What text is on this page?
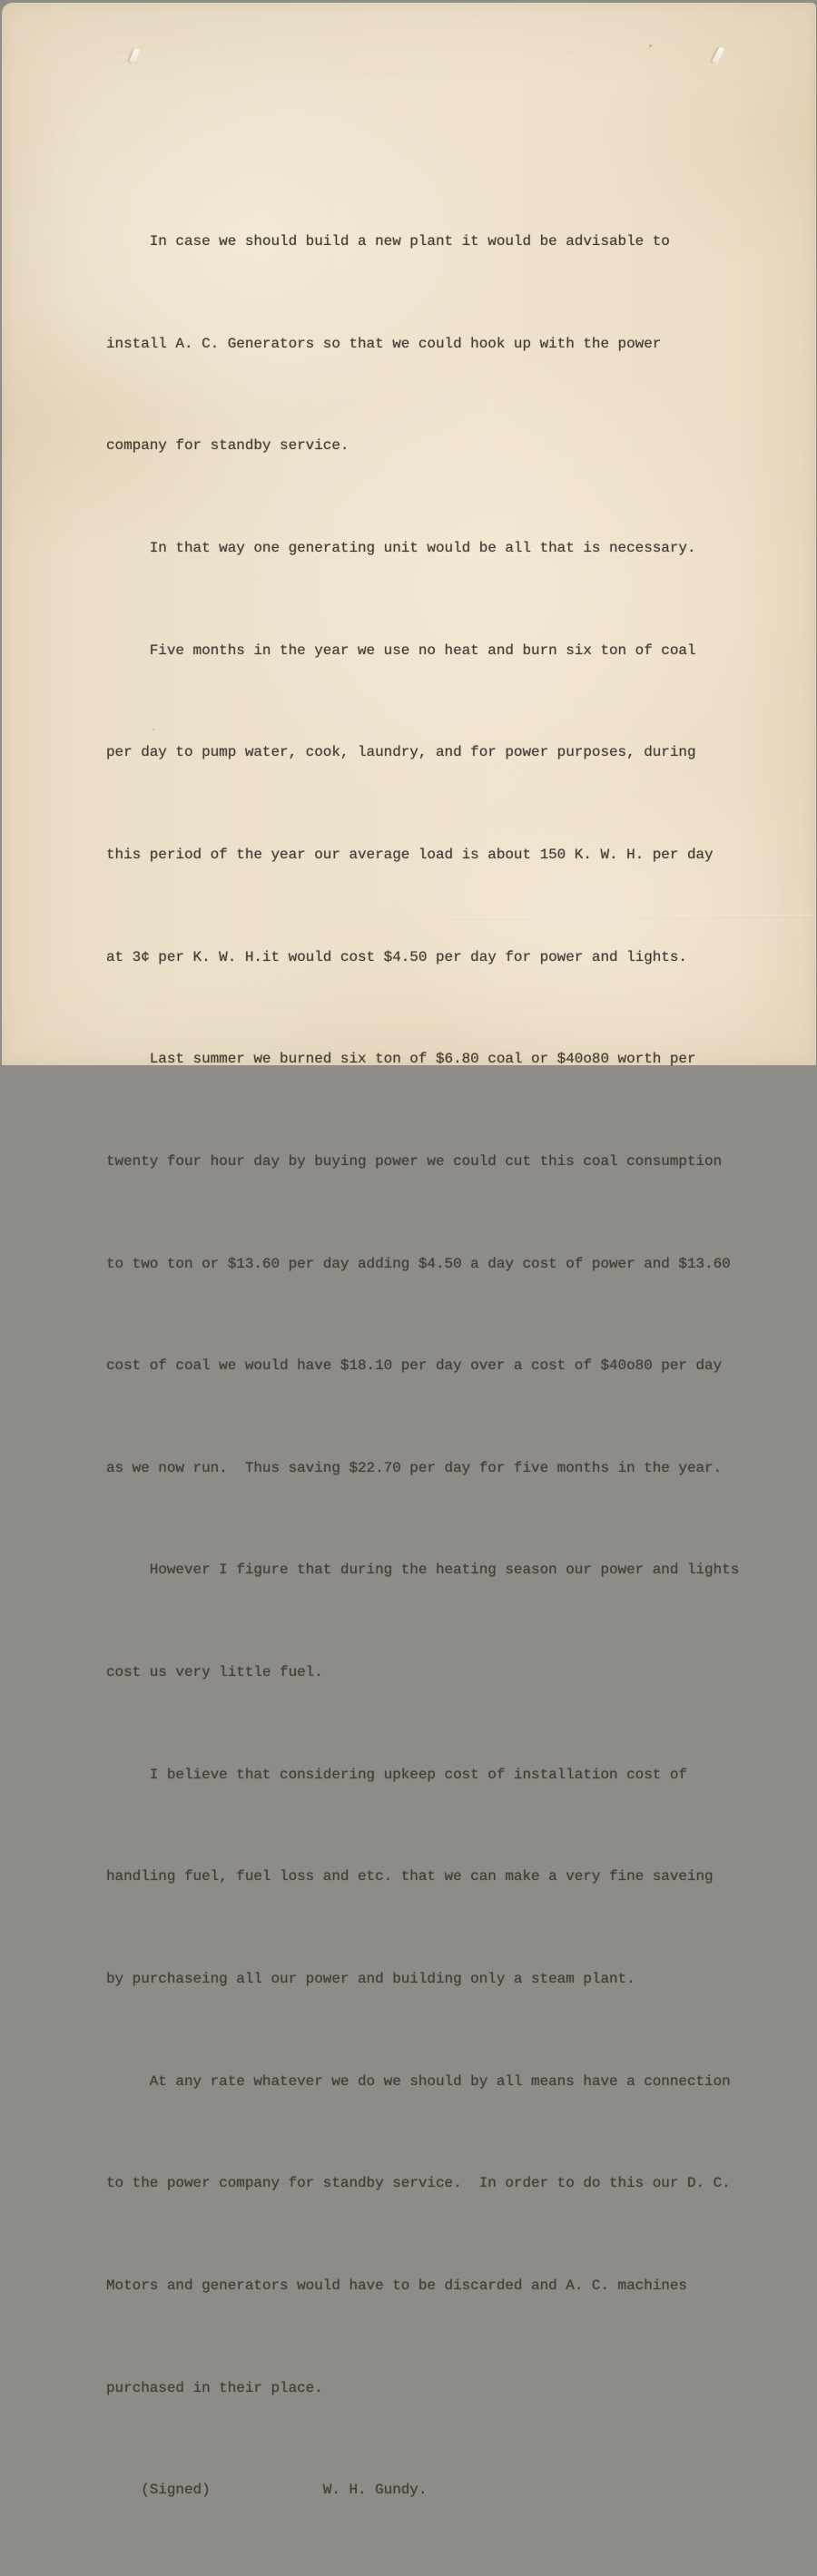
In case we should build a new plant it would be advisable to

install A. C. Generators so that we could hook up with the power

company for standby service.

In that way one generating unit would be all that is necessary.

Five months in the year we use no heat and burn six ton of coal

per day to pump water, cook, laundry, and for power purposes, during

this period of the year our average load is about 150 K. W. H. per day

at 3¢ per K. W. H.it would cost $4.50 per day for power and lights.

Last summer we burned six ton of $6.80 coal or $40o80 worth per

twenty four hour day by buying power we could cut this coal consumption

to two ton or $13.60 per day adding $4.50 a day cost of power and $13.60

cost of coal we would have $18.10 per day over a cost of $40o80 per day

as we now run.  Thus saving $22.70 per day for five months in the year.

However I figure that during the heating season our power and lights

cost us very little fuel.

I believe that considering upkeep cost of installation cost of

handling fuel, fuel loss and etc. that we can make a very fine saveing

by purchaseing all our power and building only a steam plant.

At any rate whatever we do we should by all means have a connection

to the power company for standby service.  In order to do this our D. C.

Motors and generators would have to be discarded and A. C. machines

purchased in their place.

(Signed)             W. H. Gundy.
